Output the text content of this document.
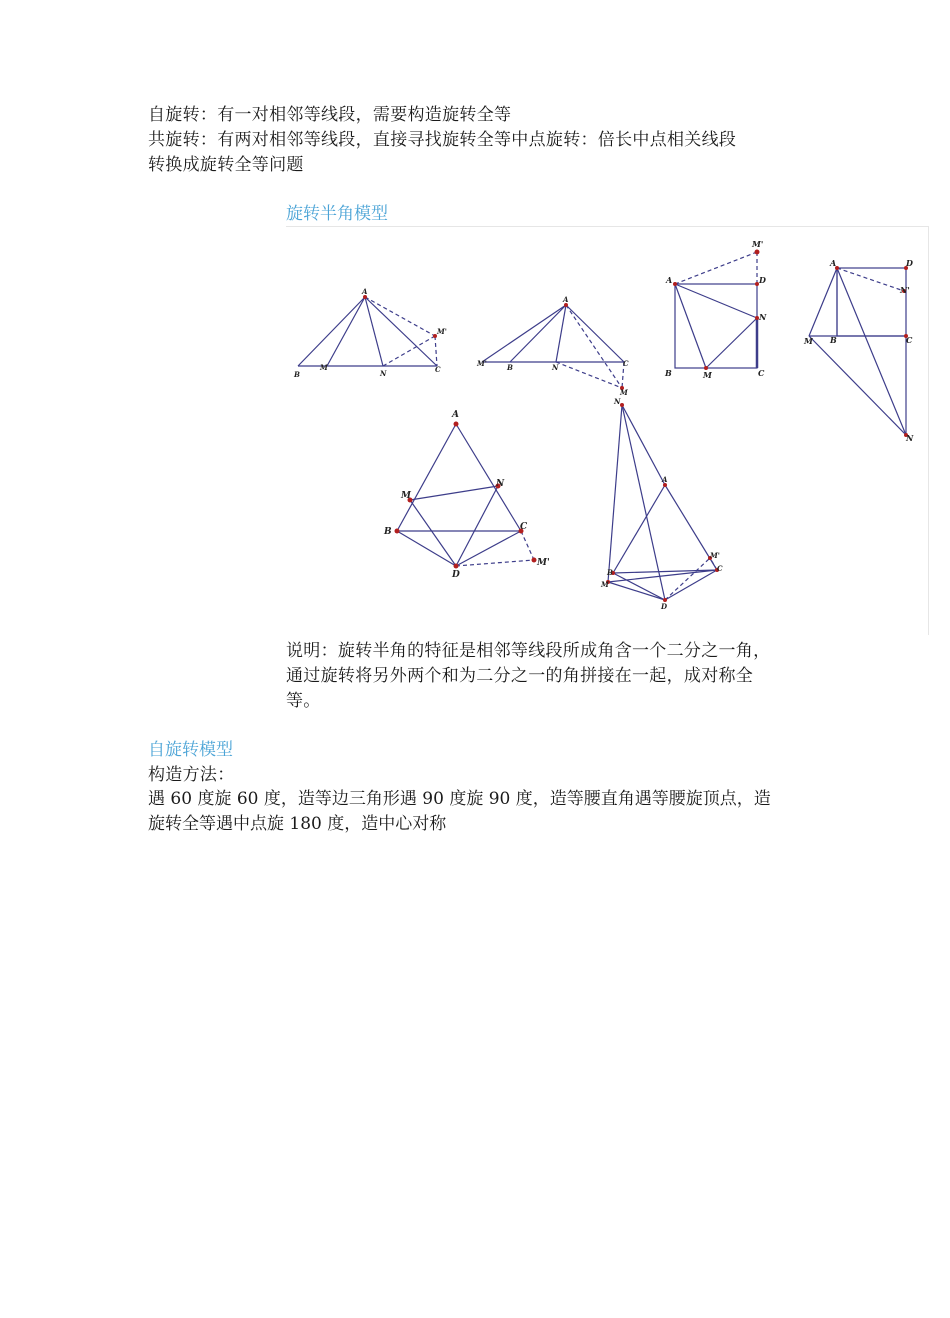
自旋转：有一对相邻等线段，需要构造旋转全等
共旋转：有两对相邻等线段，直接寻找旋转全等中点旋转：倍长中点相关线段
转换成旋转全等问题
旋转半角模型
A
B
M
N	C
M'
A
M'	B	N	C
M
A	D
M'
N
B	M	C
A	D
N'
M B	C
N
A
M
N
B	C
D
M'
N
A
B
M
M'
C
D
说明：旋转半角的特征是相邻等线段所成角含一个二分之一角，
通过旋转将另外两个和为二分之一的角拼接在一起，成对称全
等。
自旋转模型
构造方法：
遇 60 度旋 60 度，造等边三角形遇 90 度旋 90 度，造等腰直角遇等腰旋顶点，造
旋转全等遇中点旋 180 度，造中心对称
